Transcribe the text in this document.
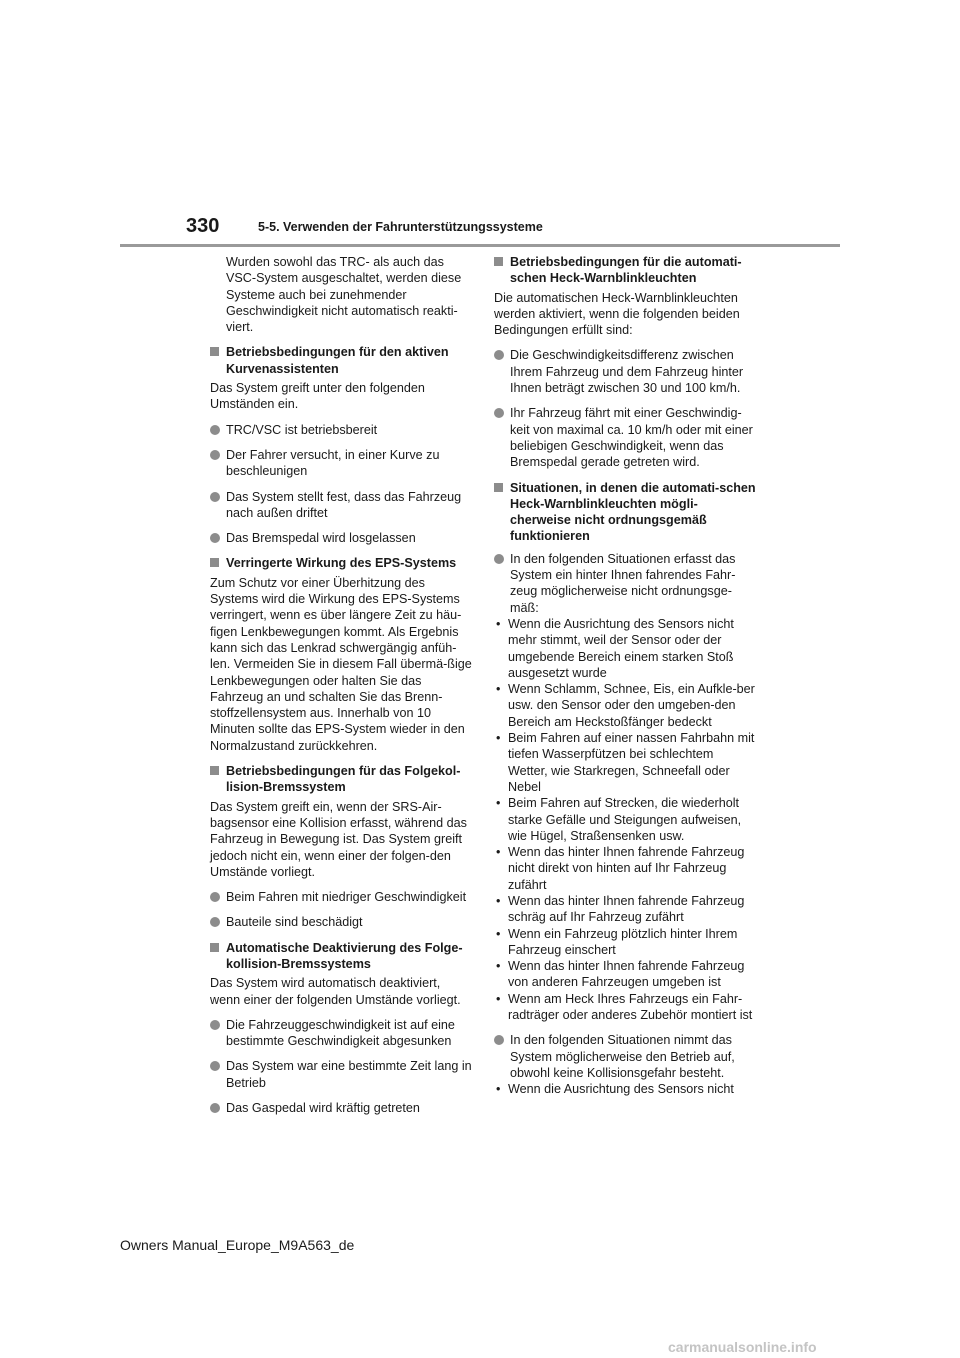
330	5-5. Verwenden der Fahrunterstützungssysteme

Wurden sowohl das TRC- als auch das VSC-System ausgeschaltet, werden diese Systeme auch bei zunehmender Geschwindigkeit nicht automatisch reakti-viert.

Betriebsbedingungen für den aktiven Kurvenassistenten

Das System greift unter den folgenden Umständen ein.

TRC/VSC ist betriebsbereit
Der Fahrer versucht, in einer Kurve zu beschleunigen
Das System stellt fest, dass das Fahrzeug nach außen driftet
Das Bremspedal wird losgelassen
Verringerte Wirkung des EPS-Systems

Zum Schutz vor einer Überhitzung des Systems wird die Wirkung des EPS-Systems verringert, wenn es über längere Zeit zu häu-figen Lenkbewegungen kommt. Als Ergebnis kann sich das Lenkrad schwergängig anfüh-len. Vermeiden Sie in diesem Fall übermä-ßige Lenkbewegungen oder halten Sie das Fahrzeug an und schalten Sie das Brenn-stoffzellensystem aus. Innerhalb von 10 Minuten sollte das EPS-System wieder in den Normalzustand zurückkehren.

Betriebsbedingungen für das Folgekol-lision-Bremssystem

Das System greift ein, wenn der SRS-Air-bagsensor eine Kollision erfasst, während das Fahrzeug in Bewegung ist. Das System greift jedoch nicht ein, wenn einer der folgen-den Umstände vorliegt.

Beim Fahren mit niedriger Geschwindigkeit
Bauteile sind beschädigt
Automatische Deaktivierung des Folge-kollision-Bremssystems

Das System wird automatisch deaktiviert, wenn einer der folgenden Umstände vorliegt.

Die Fahrzeuggeschwindigkeit ist auf eine bestimmte Geschwindigkeit abgesunken
Das System war eine bestimmte Zeit lang in Betrieb
Das Gaspedal wird kräftig getreten
Betriebsbedingungen für die automati-schen Heck-Warnblinkleuchten

Die automatischen Heck-Warnblinkleuchten werden aktiviert, wenn die folgenden beiden Bedingungen erfüllt sind:

Die Geschwindigkeitsdifferenz zwischen Ihrem Fahrzeug und dem Fahrzeug hinter Ihnen beträgt zwischen 30 und 100 km/h.
Ihr Fahrzeug fährt mit einer Geschwindig-keit von maximal ca. 10 km/h oder mit einer beliebigen Geschwindigkeit, wenn das Bremspedal gerade getreten wird.
Situationen, in denen die automati-schen Heck-Warnblinkleuchten mögli-cherweise nicht ordnungsgemäß funktionieren
In den folgenden Situationen erfasst das System ein hinter Ihnen fahrendes Fahr-zeug möglicherweise nicht ordnungsge-mäß:
• Wenn die Ausrichtung des Sensors nicht mehr stimmt, weil der Sensor oder der umgebende Bereich einem starken Stoß ausgesetzt wurde
• Wenn Schlamm, Schnee, Eis, ein Aufkle-ber usw. den Sensor oder den umgeben-den Bereich am Heckstoßfänger bedeckt
• Beim Fahren auf einer nassen Fahrbahn mit tiefen Wasserpfützen bei schlechtem Wetter, wie Starkregen, Schneefall oder Nebel
• Beim Fahren auf Strecken, die wiederholt starke Gefälle und Steigungen aufweisen, wie Hügel, Straßensenken usw.
• Wenn das hinter Ihnen fahrende Fahrzeug nicht direkt von hinten auf Ihr Fahrzeug zufährt
• Wenn das hinter Ihnen fahrende Fahrzeug schräg auf Ihr Fahrzeug zufährt
• Wenn ein Fahrzeug plötzlich hinter Ihrem Fahrzeug einschert
• Wenn das hinter Ihnen fahrende Fahrzeug von anderen Fahrzeugen umgeben ist
• Wenn am Heck Ihres Fahrzeugs ein Fahr-radträger oder anderes Zubehör montiert ist
In den folgenden Situationen nimmt das System möglicherweise den Betrieb auf, obwohl keine Kollisionsgefahr besteht.
• Wenn die Ausrichtung des Sensors nicht
Owners Manual_Europe_M9A563_de
carmanualsonline.info
